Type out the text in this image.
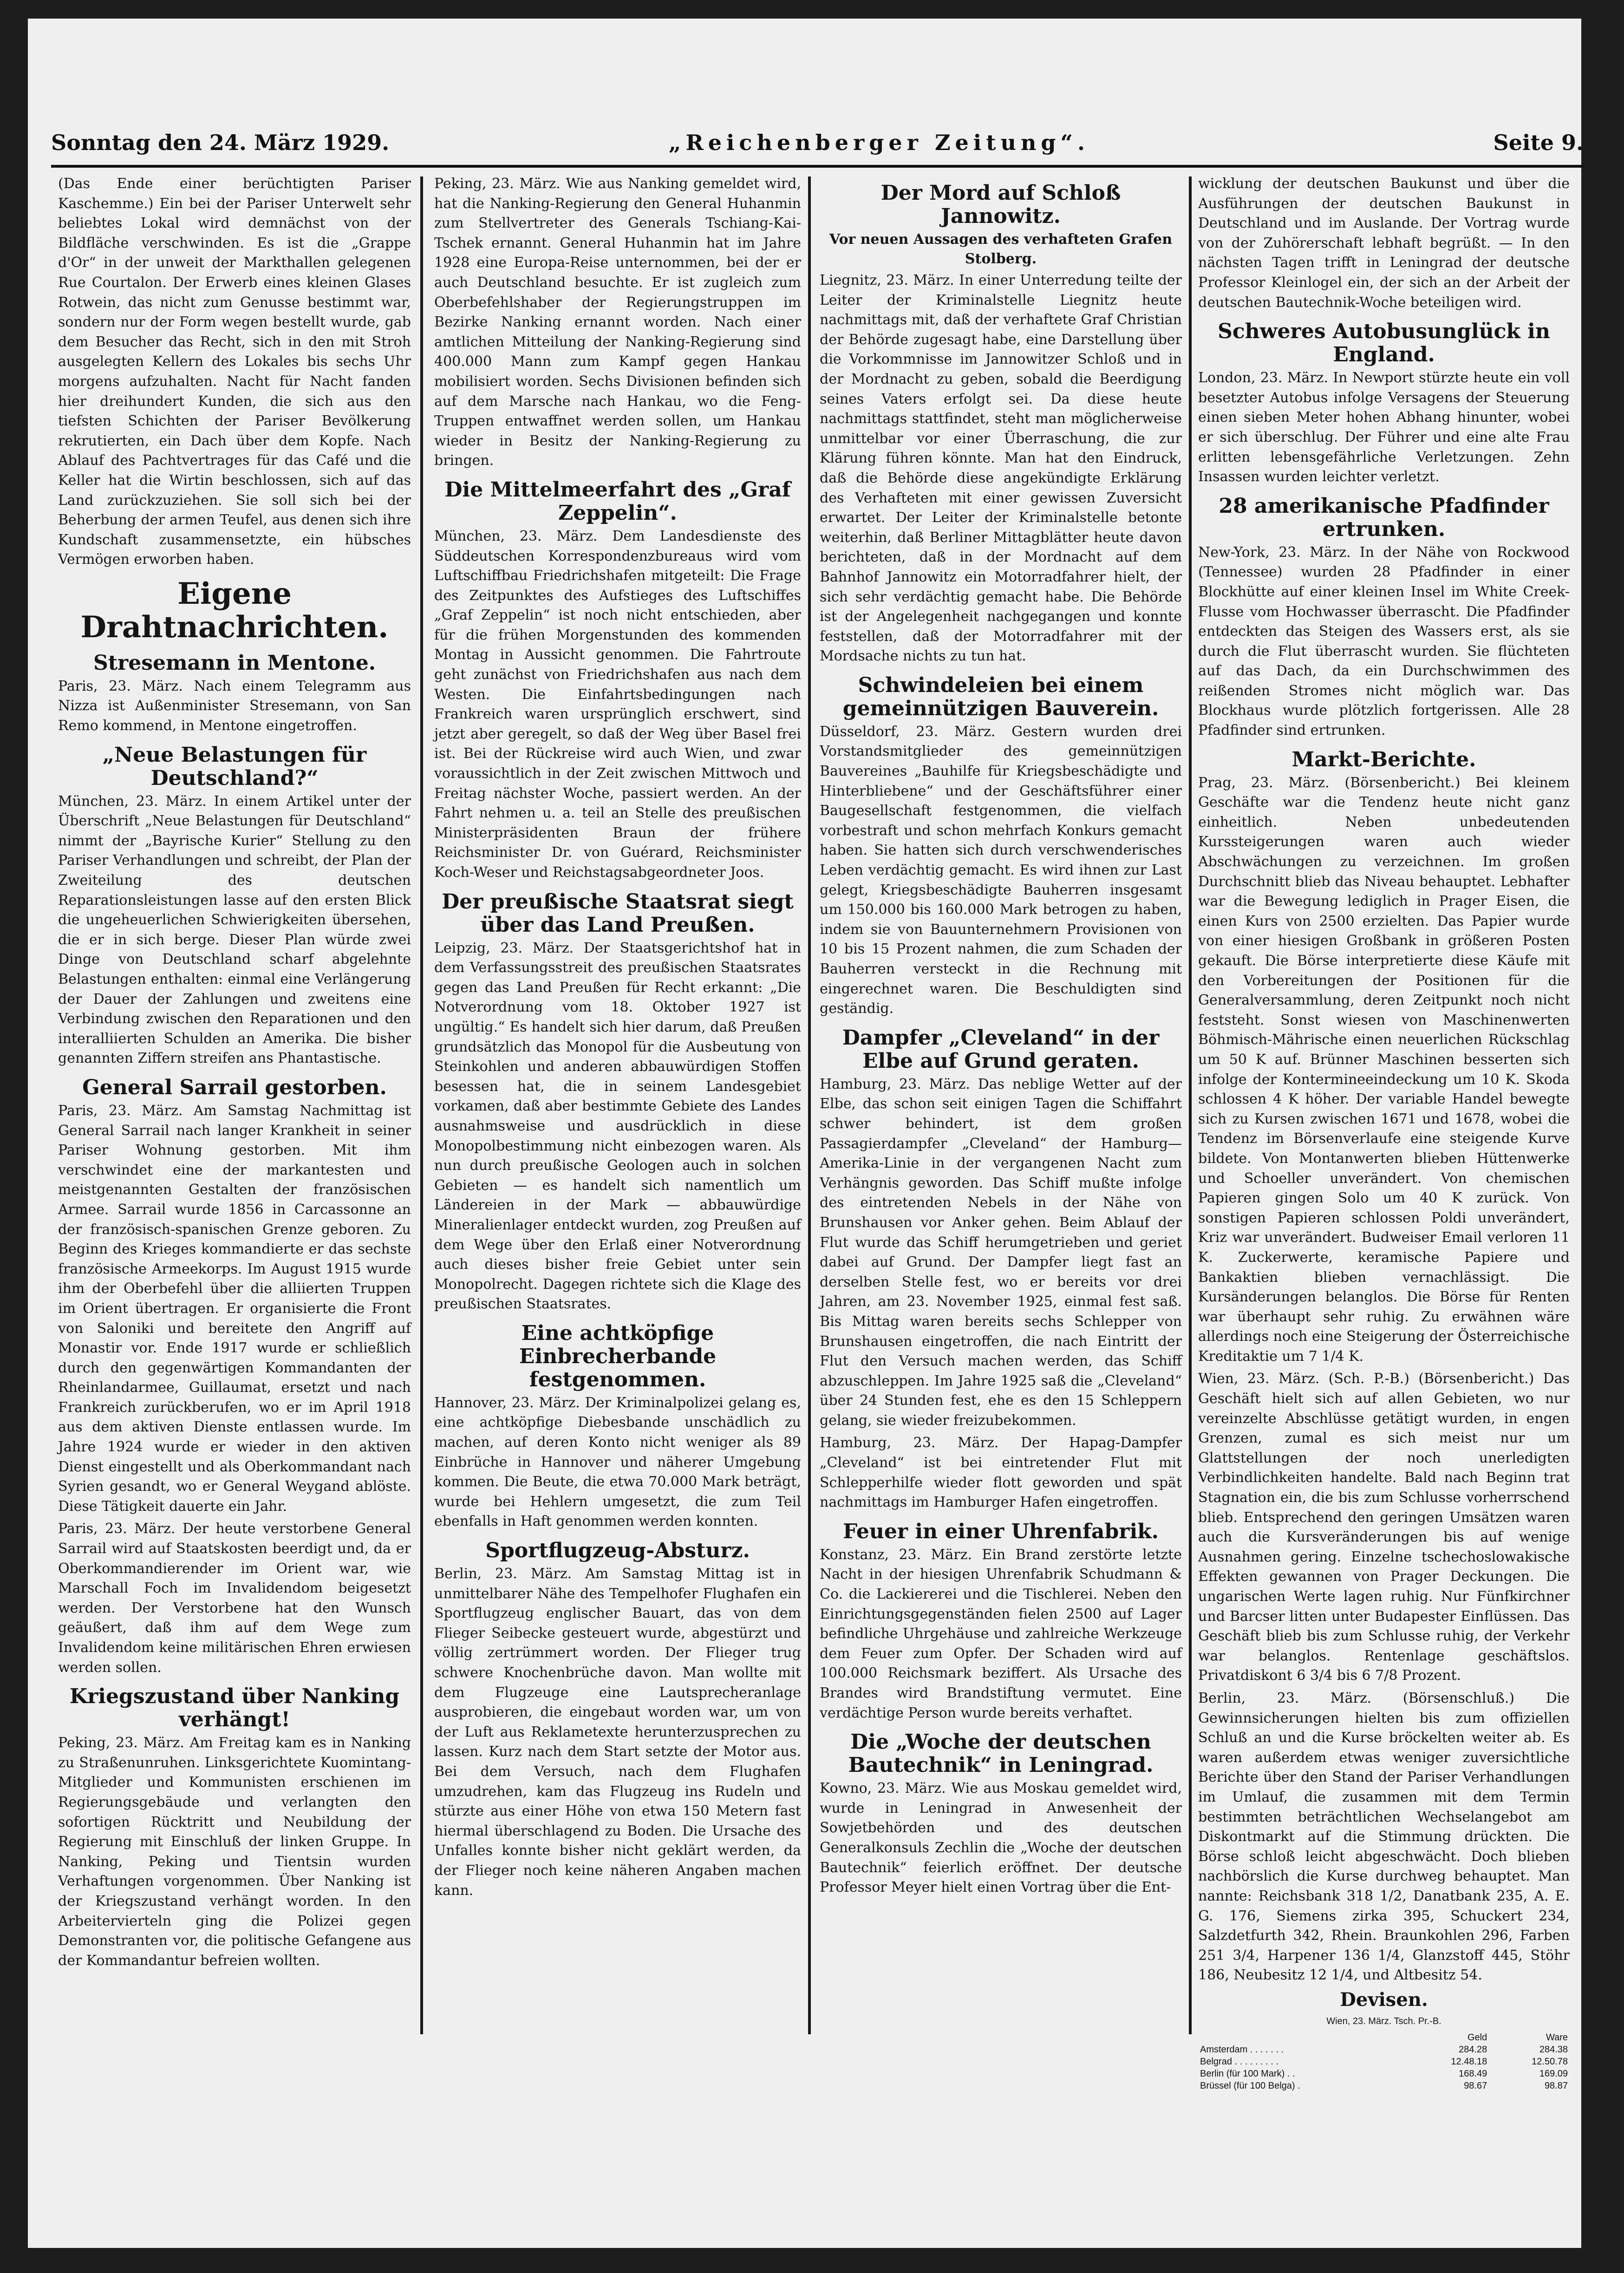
Sonntag den 24. März 1929.	„Reichenberger Zeitung“.	Seite 9.

(Das Ende einer berüchtigten Pariser Kaschemme.) Ein bei der Pariser Unterwelt sehr beliebtes Lokal wird demnächst von der Bildfläche verschwinden. Es ist die „Grappe d'Or“ in der unweit der Markthallen gelegenen Rue Courtalon. Der Erwerb eines kleinen Glases Rotwein, das nicht zum Genusse bestimmt war, sondern nur der Form wegen bestellt wurde, gab dem Besucher das Recht, sich in den mit Stroh ausgelegten Kellern des Lokales bis sechs Uhr morgens aufzuhalten. Nacht für Nacht fanden hier dreihundert Kunden, die sich aus den tiefsten Schichten der Pariser Bevölkerung rekrutierten, ein Dach über dem Kopfe. Nach Ablauf des Pachtvertrages für das Café und die Keller hat die Wirtin beschlossen, sich auf das Land zurückzuziehen. Sie soll sich bei der Beherbung der armen Teufel, aus denen sich ihre Kundschaft zusammensetzte, ein hübsches Vermögen erworben haben.

Eigene Drahtnachrichten.
Stresemann in Mentone.

Paris, 23. März. Nach einem Telegramm aus Nizza ist Außenminister Stresemann, von San Remo kommend, in Mentone eingetroffen.

„Neue Belastungen für Deutschland?“

München, 23. März. In einem Artikel unter der Überschrift „Neue Belastungen für Deutschland“ nimmt der „Bayrische Kurier“ Stellung zu den Pariser Verhandlungen und schreibt, der Plan der Zweiteilung des deutschen Reparationsleistungen lasse auf den ersten Blick die ungeheuerlichen Schwierigkeiten übersehen, die er in sich berge. Dieser Plan würde zwei Dinge von Deutschland scharf abgelehnte Belastungen enthalten: einmal eine Verlängerung der Dauer der Zahlungen und zweitens eine Verbindung zwischen den Reparationen und den interalliierten Schulden an Amerika. Die bisher genannten Ziffern streifen ans Phantastische.

General Sarrail gestorben.

Paris, 23. März. Am Samstag Nachmittag ist General Sarrail nach langer Krankheit in seiner Pariser Wohnung gestorben. Mit ihm verschwindet eine der markantesten und meistgenannten Gestalten der französischen Armee. Sarrail wurde 1856 in Carcassonne an der französisch-spanischen Grenze geboren. Zu Beginn des Krieges kommandierte er das sechste französische Armeekorps. Im August 1915 wurde ihm der Oberbefehl über die alliierten Truppen im Orient übertragen. Er organisierte die Front von Saloniki und bereitete den Angriff auf Monastir vor. Ende 1917 wurde er schließlich durch den gegenwärtigen Kommandanten der Rheinlandarmee, Guillaumat, ersetzt und nach Frankreich zurückberufen, wo er im April 1918 aus dem aktiven Dienste entlassen wurde. Im Jahre 1924 wurde er wieder in den aktiven Dienst eingestellt und als Oberkommandant nach Syrien gesandt, wo er General Weygand ablöste. Diese Tätigkeit dauerte ein Jahr.

Paris, 23. März. Der heute verstorbene General Sarrail wird auf Staatskosten beerdigt und, da er Oberkommandierender im Orient war, wie Marschall Foch im Invalidendom beigesetzt werden. Der Verstorbene hat den Wunsch geäußert, daß ihm auf dem Wege zum Invalidendom keine militärischen Ehren erwiesen werden sollen.

Kriegszustand über Nanking verhängt!

Peking, 23. März. Am Freitag kam es in Nanking zu Straßenunruhen. Linksgerichtete Kuomintang-Mitglieder und Kommunisten erschienen im Regierungsgebäude und verlangten den sofortigen Rücktritt und Neubildung der Regierung mit Einschluß der linken Gruppe. In Nanking, Peking und Tientsin wurden Verhaftungen vorgenommen. Über Nanking ist der Kriegszustand verhängt worden. In den Arbeitervierteln ging die Polizei gegen Demonstranten vor, die politische Gefangene aus der Kommandantur befreien wollten.

Peking, 23. März. Wie aus Nanking gemeldet wird, hat die Nanking-Regierung den General Huhanmin zum Stellvertreter des Generals Tschiang-Kai-Tschek ernannt. General Huhanmin hat im Jahre 1928 eine Europa-Reise unternommen, bei der er auch Deutschland besuchte. Er ist zugleich zum Oberbefehlshaber der Regierungstruppen im Bezirke Nanking ernannt worden. Nach einer amtlichen Mitteilung der Nanking-Regierung sind 400.000 Mann zum Kampf gegen Hankau mobilisiert worden. Sechs Divisionen befinden sich auf dem Marsche nach Hankau, wo die Feng-Truppen entwaffnet werden sollen, um Hankau wieder in Besitz der Nanking-Regierung zu bringen.

Die Mittelmeerfahrt des „Graf Zeppelin“.

München, 23. März. Dem Landesdienste des Süddeutschen Korrespondenzbureaus wird vom Luftschiffbau Friedrichshafen mitgeteilt: Die Frage des Zeitpunktes des Aufstieges des Luftschiffes „Graf Zeppelin“ ist noch nicht entschieden, aber für die frühen Morgenstunden des kommenden Montag in Aussicht genommen. Die Fahrtroute geht zunächst von Friedrichshafen aus nach dem Westen. Die Einfahrtsbedingungen nach Frankreich waren ursprünglich erschwert, sind jetzt aber geregelt, so daß der Weg über Basel frei ist. Bei der Rückreise wird auch Wien, und zwar voraussichtlich in der Zeit zwischen Mittwoch und Freitag nächster Woche, passiert werden. An der Fahrt nehmen u. a. teil an Stelle des preußischen Ministerpräsidenten Braun der frühere Reichsminister Dr. von Guérard, Reichsminister Koch-Weser und Reichstagsabgeordneter Joos.

Der preußische Staatsrat siegt über das Land Preußen.

Leipzig, 23. März. Der Staatsgerichtshof hat in dem Verfassungsstreit des preußischen Staatsrates gegen das Land Preußen für Recht erkannt: „Die Notverordnung vom 18. Oktober 1927 ist ungültig.“ Es handelt sich hier darum, daß Preußen grundsätzlich das Monopol für die Ausbeutung von Steinkohlen und anderen abbauwürdigen Stoffen besessen hat, die in seinem Landesgebiet vorkamen, daß aber bestimmte Gebiete des Landes ausnahmsweise und ausdrücklich in diese Monopolbestimmung nicht einbezogen waren. Als nun durch preußische Geologen auch in solchen Gebieten — es handelt sich namentlich um Ländereien in der Mark — abbauwürdige Mineralienlager entdeckt wurden, zog Preußen auf dem Wege über den Erlaß einer Notverordnung auch dieses bisher freie Gebiet unter sein Monopolrecht. Dagegen richtete sich die Klage des preußischen Staatsrates.

Eine achtköpfige Einbrecherbande festgenommen.

Hannover, 23. März. Der Kriminalpolizei gelang es, eine achtköpfige Diebesbande unschädlich zu machen, auf deren Konto nicht weniger als 89 Einbrüche in Hannover und näherer Umgebung kommen. Die Beute, die etwa 70.000 Mark beträgt, wurde bei Hehlern umgesetzt, die zum Teil ebenfalls in Haft genommen werden konnten.

Sportflugzeug-Absturz.

Berlin, 23. März. Am Samstag Mittag ist in unmittelbarer Nähe des Tempelhofer Flughafen ein Sportflugzeug englischer Bauart, das von dem Flieger Seibecke gesteuert wurde, abgestürzt und völlig zertrümmert worden. Der Flieger trug schwere Knochenbrüche davon. Man wollte mit dem Flugzeuge eine Lautsprecheranlage ausprobieren, die eingebaut worden war, um von der Luft aus Reklametexte herunterzusprechen zu lassen. Kurz nach dem Start setzte der Motor aus. Bei dem Versuch, nach dem Flughafen umzudrehen, kam das Flugzeug ins Rudeln und stürzte aus einer Höhe von etwa 150 Metern fast hiermal überschlagend zu Boden. Die Ursache des Unfalles konnte bisher nicht geklärt werden, da der Flieger noch keine näheren Angaben machen kann.

Der Mord auf Schloß Jannowitz.
Vor neuen Aussagen des verhafteten Grafen Stolberg.

Liegnitz, 23. März. In einer Unterredung teilte der Leiter der Kriminalstelle Liegnitz heute nachmittags mit, daß der verhaftete Graf Christian der Behörde zugesagt habe, eine Darstellung über die Vorkommnisse im Jannowitzer Schloß und in der Mordnacht zu geben, sobald die Beerdigung seines Vaters erfolgt sei. Da diese heute nachmittags stattfindet, steht man möglicherweise unmittelbar vor einer Überraschung, die zur Klärung führen könnte. Man hat den Eindruck, daß die Behörde diese angekündigte Erklärung des Verhafteten mit einer gewissen Zuversicht erwartet. Der Leiter der Kriminalstelle betonte weiterhin, daß Berliner Mittagblätter heute davon berichteten, daß in der Mordnacht auf dem Bahnhof Jannowitz ein Motorradfahrer hielt, der sich sehr verdächtig gemacht habe. Die Behörde ist der Angelegenheit nachgegangen und konnte feststellen, daß der Motorradfahrer mit der Mordsache nichts zu tun hat.

Schwindeleien bei einem gemeinnützigen Bauverein.

Düsseldorf, 23. März. Gestern wurden drei Vorstandsmitglieder des gemeinnützigen Bauvereines „Bauhilfe für Kriegsbeschädigte und Hinterbliebene“ und der Geschäftsführer einer Baugesellschaft festgenommen, die vielfach vorbestraft und schon mehrfach Konkurs gemacht haben. Sie hatten sich durch verschwenderisches Leben verdächtig gemacht. Es wird ihnen zur Last gelegt, Kriegsbeschädigte Bauherren insgesamt um 150.000 bis 160.000 Mark betrogen zu haben, indem sie von Bauunternehmern Provisionen von 10 bis 15 Prozent nahmen, die zum Schaden der Bauherren versteckt in die Rechnung mit eingerechnet waren. Die Beschuldigten sind geständig.

Dampfer „Cleveland“ in der Elbe auf Grund geraten.

Hamburg, 23. März. Das neblige Wetter auf der Elbe, das schon seit einigen Tagen die Schiffahrt schwer behindert, ist dem großen Passagierdampfer „Cleveland“ der Hamburg—Amerika-Linie in der vergangenen Nacht zum Verhängnis geworden. Das Schiff mußte infolge des eintretenden Nebels in der Nähe von Brunshausen vor Anker gehen. Beim Ablauf der Flut wurde das Schiff herumgetrieben und geriet dabei auf Grund. Der Dampfer liegt fast an derselben Stelle fest, wo er bereits vor drei Jahren, am 23. November 1925, einmal fest saß. Bis Mittag waren bereits sechs Schlepper von Brunshausen eingetroffen, die nach Eintritt der Flut den Versuch machen werden, das Schiff abzuschleppen. Im Jahre 1925 saß die „Cleveland“ über 24 Stunden fest, ehe es den 15 Schleppern gelang, sie wieder freizubekommen.

Hamburg, 23. März. Der Hapag-Dampfer „Cleveland“ ist bei eintretender Flut mit Schlepperhilfe wieder flott geworden und spät nachmittags im Hamburger Hafen eingetroffen.

Feuer in einer Uhrenfabrik.

Konstanz, 23. März. Ein Brand zerstörte letzte Nacht in der hiesigen Uhrenfabrik Schudmann & Co. die Lackiererei und die Tischlerei. Neben den Einrichtungsgegenständen fielen 2500 auf Lager befindliche Uhrgehäuse und zahlreiche Werkzeuge dem Feuer zum Opfer. Der Schaden wird auf 100.000 Reichsmark beziffert. Als Ursache des Brandes wird Brandstiftung vermutet. Eine verdächtige Person wurde bereits verhaftet.

Die „Woche der deutschen Bautechnik“ in Leningrad.

Kowno, 23. März. Wie aus Moskau gemeldet wird, wurde in Leningrad in Anwesenheit der Sowjetbehörden und des deutschen Generalkonsuls Zechlin die „Woche der deutschen Bautechnik“ feierlich eröffnet. Der deutsche Professor Meyer hielt einen Vortrag über die Ent-

wicklung der deutschen Baukunst und über die Ausführungen der deutschen Baukunst in Deutschland und im Auslande. Der Vortrag wurde von der Zuhörerschaft lebhaft begrüßt. — In den nächsten Tagen trifft in Leningrad der deutsche Professor Kleinlogel ein, der sich an der Arbeit der deutschen Bautechnik-Woche beteiligen wird.

Schweres Autobusunglück in England.

London, 23. März. In Newport stürzte heute ein voll besetzter Autobus infolge Versagens der Steuerung einen sieben Meter hohen Abhang hinunter, wobei er sich überschlug. Der Führer und eine alte Frau erlitten lebensgefährliche Verletzungen. Zehn Insassen wurden leichter verletzt.

28 amerikanische Pfadfinder ertrunken.

New-York, 23. März. In der Nähe von Rockwood (Tennessee) wurden 28 Pfadfinder in einer Blockhütte auf einer kleinen Insel im White Creek-Flusse vom Hochwasser überrascht. Die Pfadfinder entdeckten das Steigen des Wassers erst, als sie durch die Flut überrascht wurden. Sie flüchteten auf das Dach, da ein Durchschwimmen des reißenden Stromes nicht möglich war. Das Blockhaus wurde plötzlich fortgerissen. Alle 28 Pfadfinder sind ertrunken.

Markt-Berichte.

Prag, 23. März. (Börsenbericht.) Bei kleinem Geschäfte war die Tendenz heute nicht ganz einheitlich. Neben unbedeutenden Kurssteigerungen waren auch wieder Abschwächungen zu verzeichnen. Im großen Durchschnitt blieb das Niveau behauptet. Lebhafter war die Bewegung lediglich in Prager Eisen, die einen Kurs von 2500 erzielten. Das Papier wurde von einer hiesigen Großbank in größeren Posten gekauft. Die Börse interpretierte diese Käufe mit den Vorbereitungen der Positionen für die Generalversammlung, deren Zeitpunkt noch nicht feststeht. Sonst wiesen von Maschinenwerten Böhmisch-Mährische einen neuerlichen Rückschlag um 50 K auf. Brünner Maschinen besserten sich infolge der Kontermineeindeckung um 10 K. Skoda schlossen 4 K höher. Der variable Handel bewegte sich zu Kursen zwischen 1671 und 1678, wobei die Tendenz im Börsenverlaufe eine steigende Kurve bildete. Von Montanwerten blieben Hüttenwerke und Schoeller unverändert. Von chemischen Papieren gingen Solo um 40 K zurück. Von sonstigen Papieren schlossen Poldi unverändert, Kriz war unverändert. Budweiser Email verloren 11 K. Zuckerwerte, keramische Papiere und Bankaktien blieben vernachlässigt. Die Kursänderungen belanglos. Die Börse für Renten war überhaupt sehr ruhig. Zu erwähnen wäre allerdings noch eine Steigerung der Österreichische Kreditaktie um 7 1/4 K.

Wien, 23. März. (Sch. P.-B.) (Börsenbericht.) Das Geschäft hielt sich auf allen Gebieten, wo nur vereinzelte Abschlüsse getätigt wurden, in engen Grenzen, zumal es sich meist nur um Glattstellungen der noch unerledigten Verbindlichkeiten handelte. Bald nach Beginn trat Stagnation ein, die bis zum Schlusse vorherrschend blieb. Entsprechend den geringen Umsätzen waren auch die Kursveränderungen bis auf wenige Ausnahmen gering. Einzelne tschechoslowakische Effekten gewannen von Prager Deckungen. Die ungarischen Werte lagen ruhig. Nur Fünfkirchner und Barcser litten unter Budapester Einflüssen. Das Geschäft blieb bis zum Schlusse ruhig, der Verkehr war belanglos. Rentenlage geschäftslos. Privatdiskont 6 3/4 bis 6 7/8 Prozent.

Berlin, 23. März. (Börsenschluß.) Die Gewinnsicherungen hielten bis zum offiziellen Schluß an und die Kurse bröckelten weiter ab. Es waren außerdem etwas weniger zuversichtliche Berichte über den Stand der Pariser Verhandlungen im Umlauf, die zusammen mit dem Termin bestimmten beträchtlichen Wechselangebot am Diskontmarkt auf die Stimmung drückten. Die Börse schloß leicht abgeschwächt. Doch blieben nachbörslich die Kurse durchweg behauptet. Man nannte: Reichsbank 318 1/2, Danatbank 235, A. E. G. 176, Siemens zirka 395, Schuckert 234, Salzdetfurth 342, Rhein. Braunkohlen 296, Farben 251 3/4, Harpener 136 1/4, Glanzstoff 445, Stöhr 186, Neubesitz 12 1/4, und Altbesitz 54.

Devisen.
Wien, 23. März. Tsch. Pr.-B.
	Geld	Ware
Amsterdam . . . . . . .	284.28	284.38
Belgrad . . . . . . . . .	12.48.18	12.50.78
Berlin (für 100 Mark) . .	168.49	169.09
Brüssel (für 100 Belga) .	98.67	98.87
